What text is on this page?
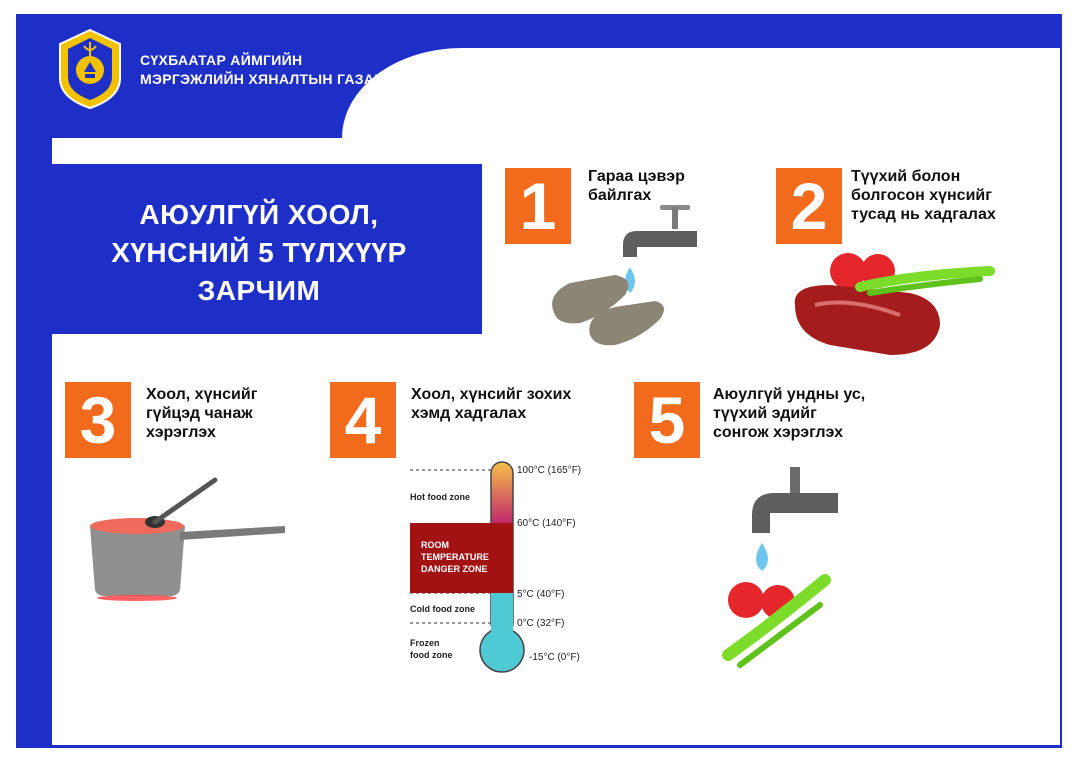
СҮХБААТАР АЙМГИЙН
МЭРГЭЖЛИЙН ХЯНАЛТЫН ГАЗАР
АЮУЛГҮЙ ХООЛ,
ХҮНСНИЙ 5 ТҮЛХҮҮР
ЗАРЧИМ
1	Гараа цэвэр
байлгах	2	Түүхий болон
болгосон хүнсийг
тусад нь хадгалах
3	Хоол, хүнсийг
гүйцэд чанаж
хэрэглэх	4	Хоол, хүнсийг зохих
хэмд хадгалах
100°C (165°F)
60°C (140°F)
5°C (40°F)
0°C (32°F)
-15°C (0°F)
Hot food zone
ROOM
TEMPERATURE
DANGER ZONE
Cold food zone
Frozen
food zone
5	Аюулгүй ундны ус,
түүхий эдийг
сонгож хэрэглэх
